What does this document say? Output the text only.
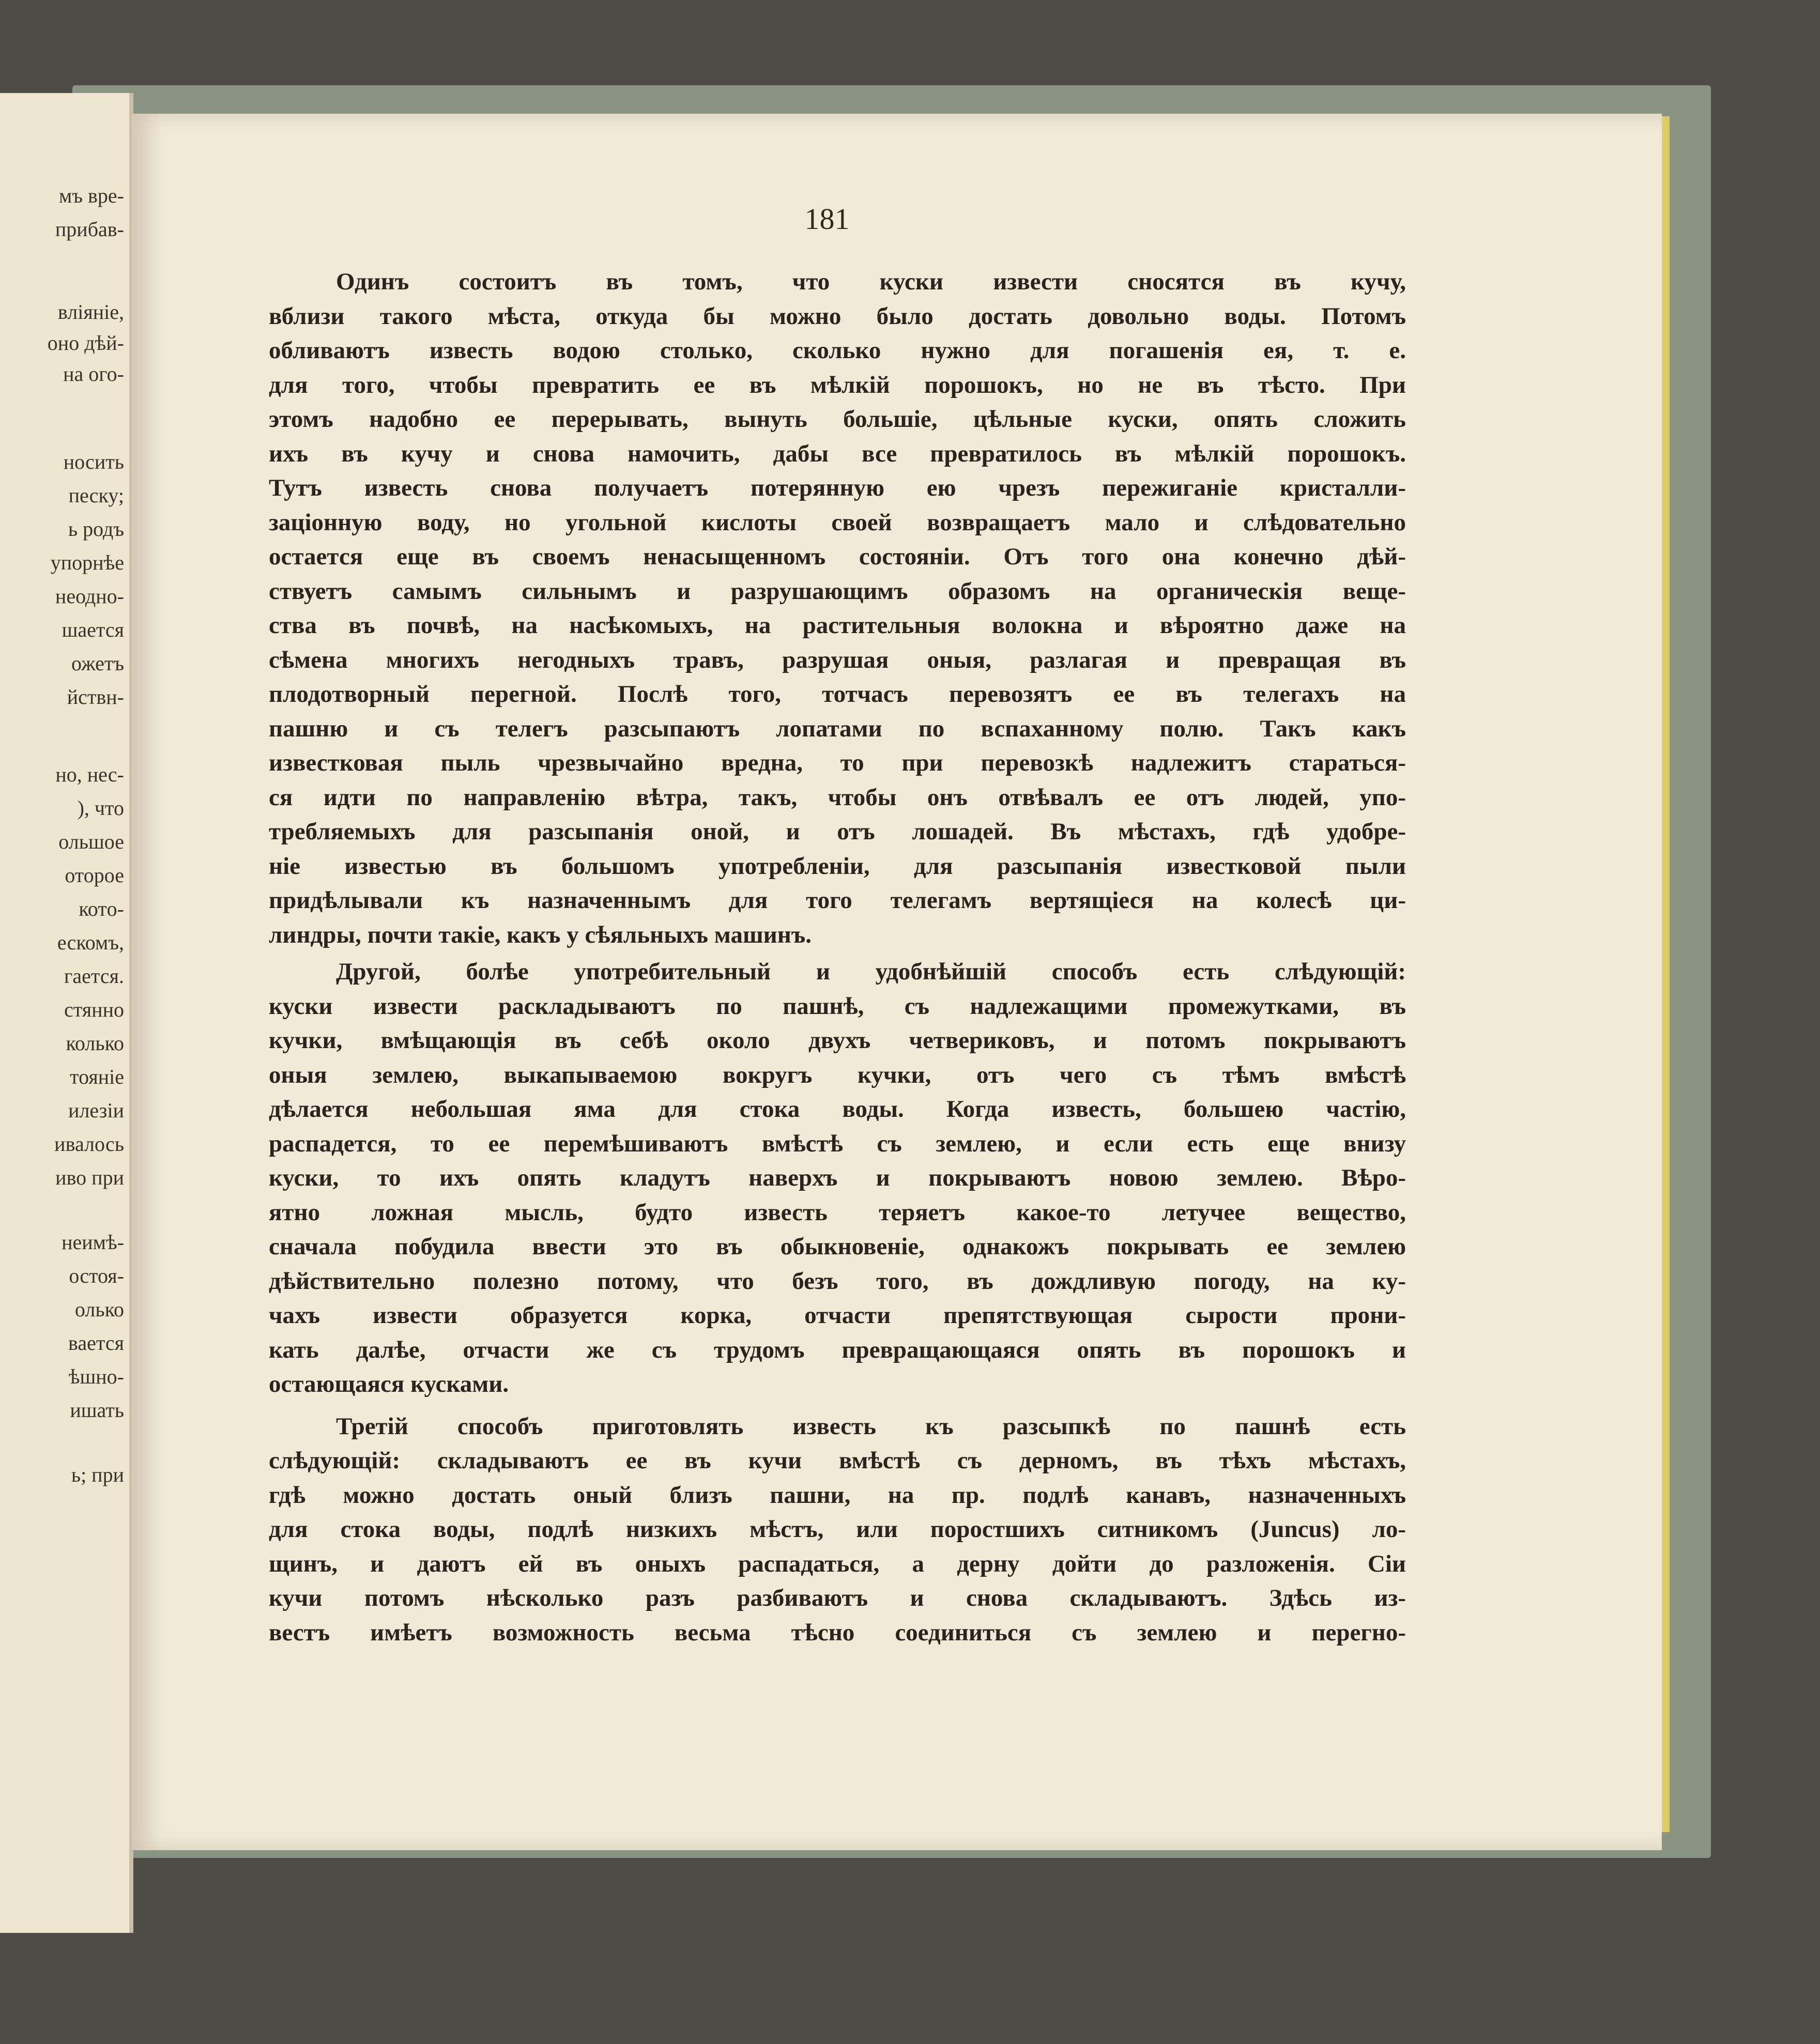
мъ вре-
прибав-
вліяніе,
оно дѣй-
на ого-
носить
песку;
ь родъ
упорнѣе
неодно-
шается
ожетъ
йствн-
но, нес-
), что
ольшое
оторое
котo-
ескомъ,
гается.
стянно
колько
тояніе
илезіи
ивалось
иво при
неимѣ-
остоя-
олько
вается
ѣшно-
ишать
ь; при
181
Одинъ состоитъ въ томъ, что куски извести сносятся въ кучу,
вблизи такого мѣста, откуда бы можно было достать довольно воды. Потомъ
обливаютъ известь водою столько, сколько нужно для погашенія ея, т. е.
для того, чтобы превратить ее въ мѣлкій порошокъ, но не въ тѣсто. При
этомъ надобно ее перерывать, вынуть большіе, цѣльные куски, опять сложить
ихъ въ кучу и снова намочить, дабы все превратилось въ мѣлкій порошокъ.
Тутъ известь снова получаетъ потерянную ею чрезъ пережиганіе кристалли-
заціонную воду, но угольной кислоты своей возвращаетъ мало и слѣдовательно
остается еще въ своемъ ненасыщенномъ состояніи. Отъ того она конечно дѣй-
ствуетъ самымъ сильнымъ и разрушающимъ образомъ на органическія веще-
ства въ почвѣ, на насѣкомыхъ, на растительныя волокна и вѣроятно даже на
сѣмена многихъ негодныхъ травъ, разрушая оныя, разлагая и превращая въ
плодотворный перегной. Послѣ того, тотчасъ перевозятъ ее въ телегахъ на
пашню и съ телегъ разсыпаютъ лопатами по вспаханному полю. Такъ какъ
известковая пыль чрезвычайно вредна, то при перевозкѣ надлежитъ стараться-
ся идти по направленію вѣтра, такъ, чтобы онъ отвѣвалъ ее отъ людей, упо-
требляемыхъ для разсыпанія оной, и отъ лошадей. Въ мѣстахъ, гдѣ удобре-
ніе известью въ большомъ употребленіи, для разсыпанія известковой пыли
придѣлывали къ назначеннымъ для того телегамъ вертящіеся на колесѣ ци-
линдры, почти такіе, какъ у сѣяльныхъ машинъ.
Другой, болѣе употребительный и удобнѣйшій способъ есть слѣдующій:
куски извести раскладываютъ по пашнѣ, съ надлежащими промежутками, въ
кучки, вмѣщающія въ себѣ около двухъ четвериковъ, и потомъ покрываютъ
оныя землею, выкапываемою вокругъ кучки, отъ чего съ тѣмъ вмѣстѣ
дѣлается небольшая яма для стока воды. Когда известь, большею частію,
распадется, то ее перемѣшиваютъ вмѣстѣ съ землею, и если есть еще внизу
куски, то ихъ опять кладутъ наверхъ и покрываютъ новою землею. Вѣро-
ятно ложная мысль, будто известь теряетъ какое-то летучее вещество,
сначала побудила ввести это въ обыкновеніе, однакожъ покрывать ее землею
дѣйствительно полезно потому, что безъ того, въ дождливую погоду, на ку-
чахъ извести образуется корка, отчасти препятствующая сырости прони-
кать далѣе, отчасти же съ трудомъ превращающаяся опять въ порошокъ и
остающаяся кусками.
Третій способъ приготовлять известь къ разсыпкѣ по пашнѣ есть
слѣдующій: складываютъ ее въ кучи вмѣстѣ съ дерномъ, въ тѣхъ мѣстахъ,
гдѣ можно достать оный близъ пашни, на пр. подлѣ канавъ, назначенныхъ
для стока воды, подлѣ низкихъ мѣстъ, или поростшихъ ситникомъ (Juncus) ло-
щинъ, и даютъ ей въ оныхъ распадаться, а дерну дойти до разложенія. Сіи
кучи потомъ нѣсколько разъ разбиваютъ и снова складываютъ. Здѣсь из-
вестъ имѣетъ возможность весьма тѣсно соединиться съ землею и перегно-
